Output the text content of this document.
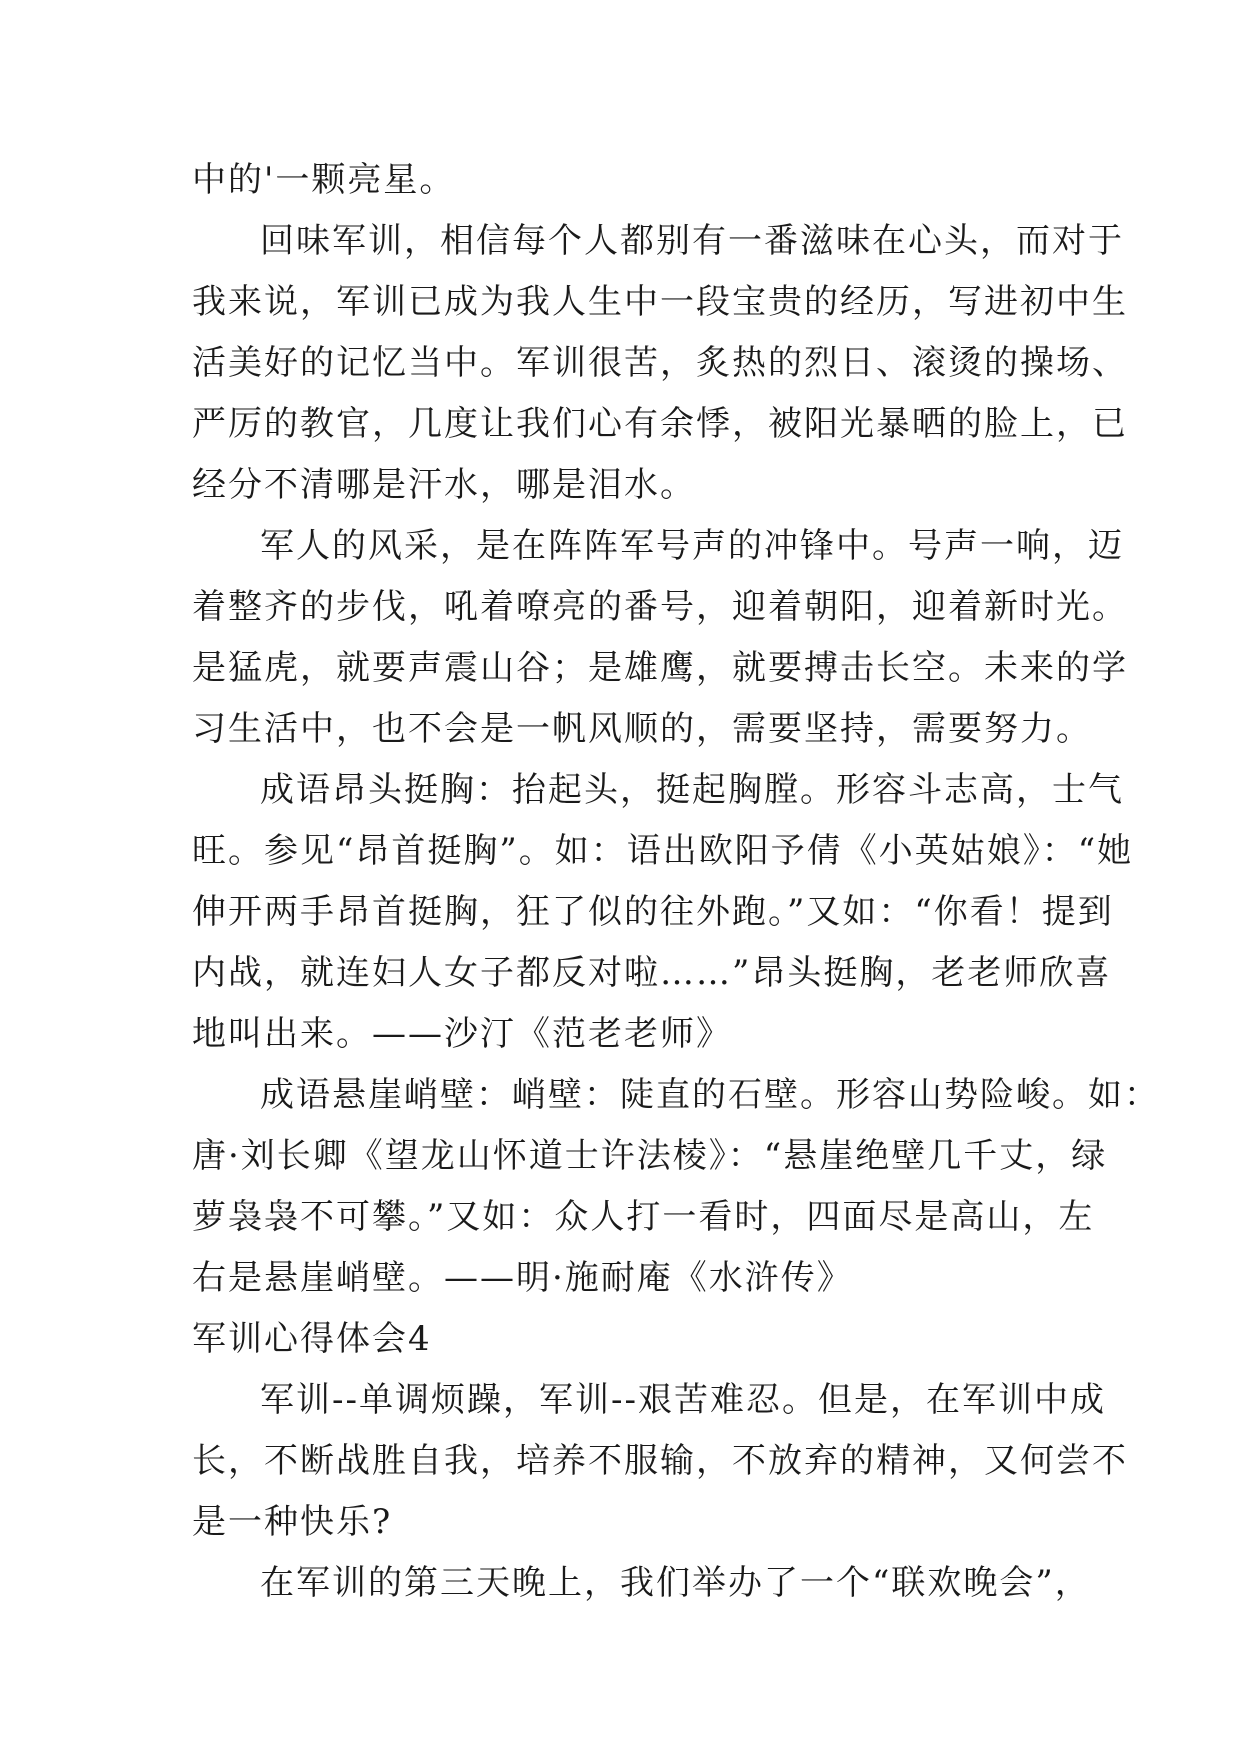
中的'一颗亮星。
回味军训，相信每个人都别有一番滋味在心头，而对于
我来说，军训已成为我人生中一段宝贵的经历，写进初中生
活美好的记忆当中。军训很苦，炙热的烈日、滚烫的操场、
严厉的教官，几度让我们心有余悸，被阳光暴晒的脸上，已
经分不清哪是汗水，哪是泪水。
军人的风采，是在阵阵军号声的冲锋中。号声一响，迈
着整齐的步伐，吼着嘹亮的番号，迎着朝阳，迎着新时光。
是猛虎，就要声震山谷；是雄鹰，就要搏击长空。未来的学
习生活中，也不会是一帆风顺的，需要坚持，需要努力。
成语昂头挺胸：抬起头，挺起胸膛。形容斗志高，士气
旺。参见“昂首挺胸”。如：语出欧阳予倩《小英姑娘》：“她
伸开两手昂首挺胸，狂了似的往外跑。”又如：“你看！提到
内战，就连妇人女子都反对啦……”昂头挺胸，老老师欣喜
地叫出来。——沙汀《范老老师》
成语悬崖峭壁：峭壁：陡直的石壁。形容山势险峻。如：
唐·刘长卿《望龙山怀道士许法棱》：“悬崖绝壁几千丈，绿
萝袅袅不可攀。”又如：众人打一看时，四面尽是高山，左
右是悬崖峭壁。——明·施耐庵《水浒传》
军训心得体会4
军训--单调烦躁，军训--艰苦难忍。但是，在军训中成
长，不断战胜自我，培养不服输，不放弃的精神，又何尝不
是一种快乐?
在军训的第三天晚上，我们举办了一个“联欢晚会”，
